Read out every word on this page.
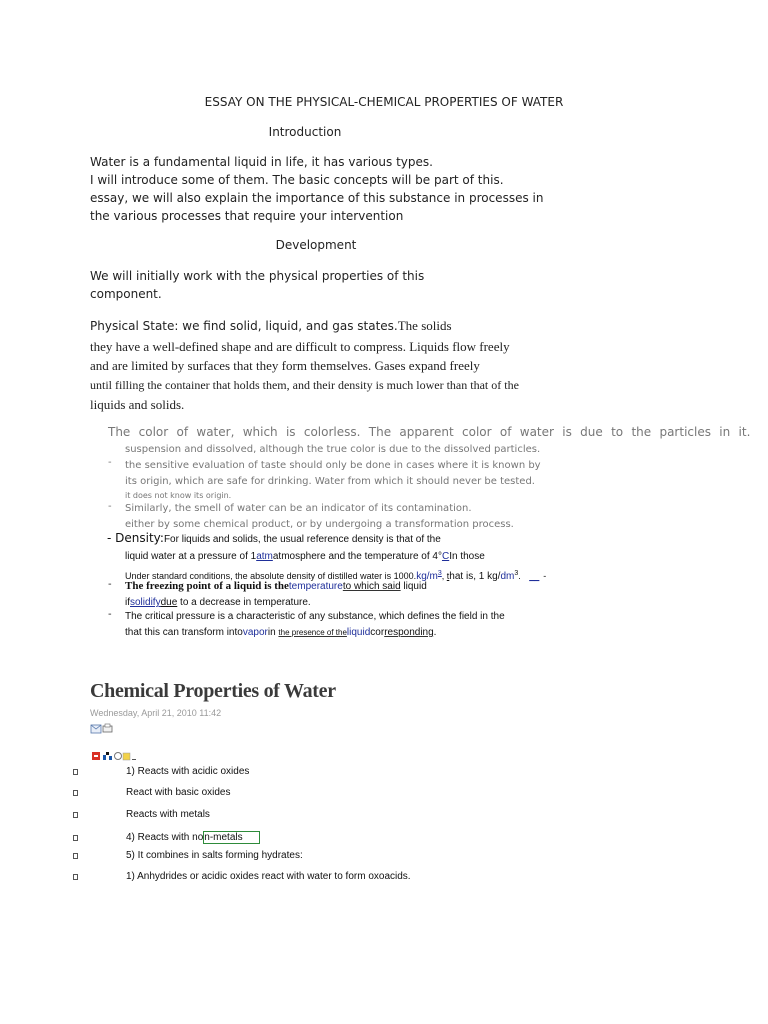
ESSAY ON THE PHYSICAL-CHEMICAL PROPERTIES OF WATER
Introduction
Water is a fundamental liquid in life, it has various types.
I will introduce some of them. The basic concepts will be part of this.
essay, we will also explain the importance of this substance in processes in
the various processes that require your intervention
Development
We will initially work with the physical properties of this
component.
Physical State: we find solid, liquid, and gas states.The solids
they have a well-defined shape and are difficult to compress. Liquids flow freely
and are limited by surfaces that they form themselves. Gases expand freely
until filling the container that holds them, and their density is much lower than that of the
liquids and solids.
The color of water, which is colorless. The apparent color of water is due to the particles in it.
suspension and dissolved, although the true color is due to the dissolved particles.
- the sensitive evaluation of taste should only be done in cases where it is known by
its origin, which are safe for drinking. Water from which it should never be tested.
it does not know its origin.
- Similarly, the smell of water can be an indicator of its contamination.
either by some chemical product, or by undergoing a transformation process.
- Density:For liquids and solids, the usual reference density is that of the
liquid water at a pressure of 1atmatmosphere and the temperature of 4°CIn those
Under standard conditions, the absolute density of distilled water is $1000.kg/m^3$, that is, 1 $kg/dm^3$. __ -
- The freezing point of a liquid is thetemperatureto which said liquid
ifsolidifydue to a decrease in temperature.
- The critical pressure is a characteristic of any substance, which defines the field in the
that this can transform intovaporin the presence of theliquidcorresponding.
Chemical Properties of Water
Wednesday, April 21, 2010 11:42
1) Reacts with acidic oxides
React with basic oxides
Reacts with metals
4) Reacts with non-metals
5) It combines in salts forming hydrates:
1) Anhydrides or acidic oxides react with water to form oxoacids.
